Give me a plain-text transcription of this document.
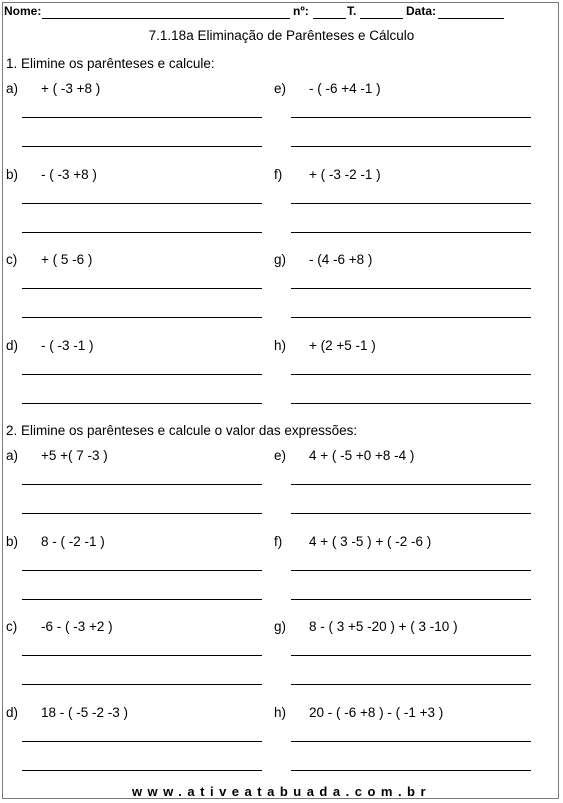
Nome:	nº:	T.	Data:
7.1.18a Eliminação de Parênteses e Cálculo
1. Elimine os parênteses e calcule:
a) + ( -3 +8 )	e) - ( -6 +4 -1 )
b) - ( -3 +8 )	f) + ( -3 -2 -1 )
c) + ( 5 -6 )	g) - (4 -6 +8 )
d) - ( -3 -1 )	h) + (2 +5 -1 )
2. Elimine os parênteses e calcule o valor das expressões:
a) +5 +( 7 -3 )	e) 4 + ( -5 +0 +8 -4 )
b) 8 - ( -2 -1 )	f) 4 + ( 3 -5 ) + ( -2 -6 )
c) -6 - ( -3 +2 )	g) 8 - ( 3 +5 -20 ) + ( 3 -10 )
d) 18 - ( -5 -2 -3 )	h) 20 - ( -6 +8 ) - ( -1 +3 )
www.ativeatabuada.com.br
